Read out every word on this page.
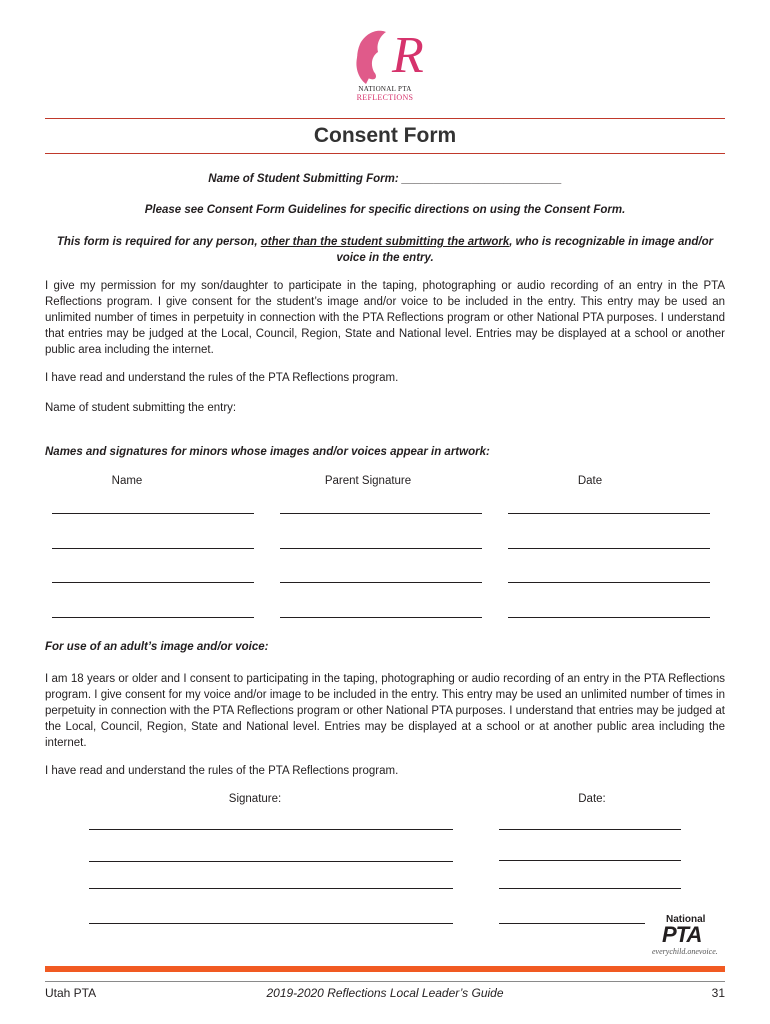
R
NATIONAL PTA
REFLECTIONS
Consent Form
Name of Student Submitting Form: _________________________
Please see Consent Form Guidelines for specific directions on using the Consent Form.
This form is required for any person, other than the student submitting the artwork, who is recognizable in image and/or voice in the entry.
I give my permission for my son/daughter to participate in the taping, photographing or audio recording of an entry in the PTA Reflections program. I give consent for the student’s image and/or voice to be included in the entry. This entry may be used an unlimited number of times in perpetuity in connection with the PTA Reflections program or other National PTA purposes. I understand that entries may be judged at the Local, Council, Region, State and National level. Entries may be displayed at a school or another public area including the internet.
I have read and understand the rules of the PTA Reflections program.
Name of student submitting the entry:
Names and signatures for minors whose images and/or voices appear in artwork:
Name	Parent Signature	Date
For use of an adult’s image and/or voice:
I am 18 years or older and I consent to participating in the taping, photographing or audio recording of an entry in the PTA Reflections program. I give consent for my voice and/or image to be included in the entry. This entry may be used an unlimited number of times in perpetuity in connection with the PTA Reflections program or other National PTA purposes. I understand that entries may be judged at the Local, Council, Region, State and National level. Entries may be displayed at a school or at another public area including the internet.
I have read and understand the rules of the PTA Reflections program.
Signature:	Date:
National
PTA
everychild.onevoice.
Utah PTA	2019-2020 Reflections Local Leader’s Guide	31
